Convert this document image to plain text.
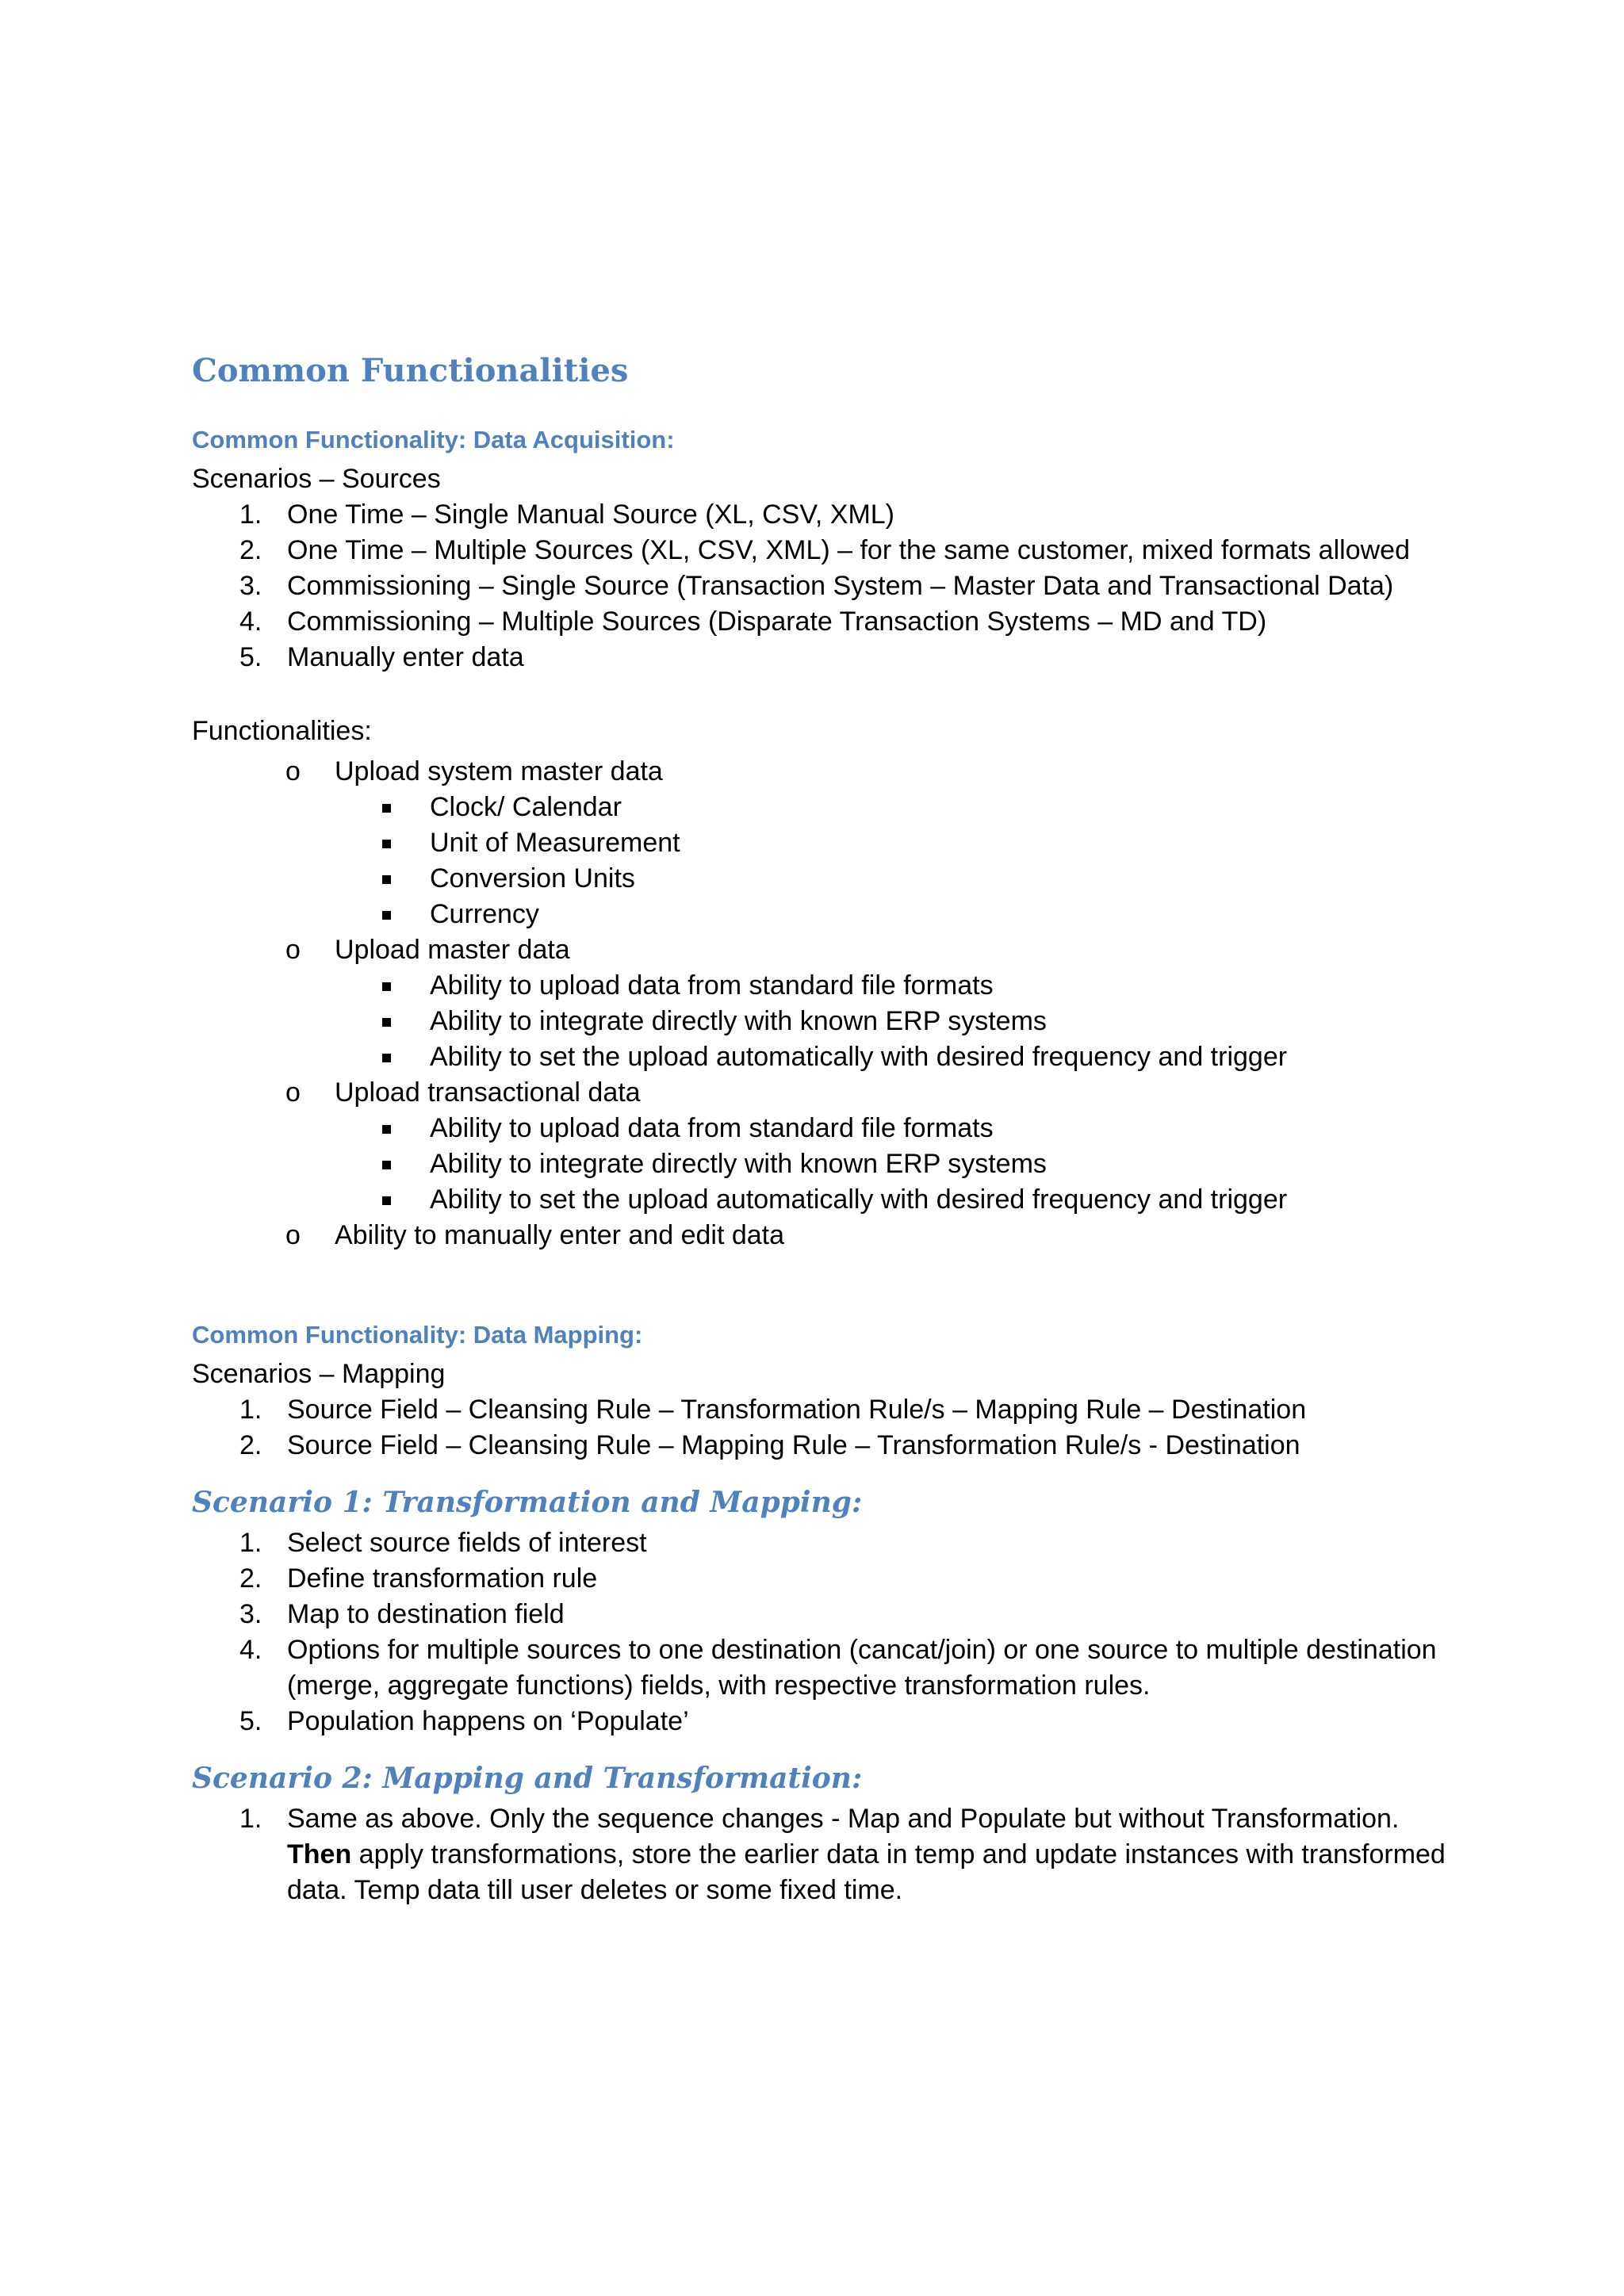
Common Functionalities
Common Functionality: Data Acquisition:

Scenarios – Sources

1. One Time – Single Manual Source (XL, CSV, XML)
2. One Time – Multiple Sources (XL, CSV, XML) – for the same customer, mixed formats allowed
3. Commissioning – Single Source (Transaction System – Master Data and Transactional Data)
4. Commissioning – Multiple Sources (Disparate Transaction Systems – MD and TD)
5. Manually enter data

Functionalities:

o Upload system master data
Clock/ Calendar
Unit of Measurement
Conversion Units
Currency
o Upload master data
Ability to upload data from standard file formats
Ability to integrate directly with known ERP systems
Ability to set the upload automatically with desired frequency and trigger
o Upload transactional data
Ability to upload data from standard file formats
Ability to integrate directly with known ERP systems
Ability to set the upload automatically with desired frequency and trigger
o Ability to manually enter and edit data
Common Functionality: Data Mapping:

Scenarios – Mapping

1. Source Field – Cleansing Rule – Transformation Rule/s – Mapping Rule – Destination
2. Source Field – Cleansing Rule – Mapping Rule – Transformation Rule/s - Destination
Scenario 1: Transformation and Mapping:
1. Select source fields of interest
2. Define transformation rule
3. Map to destination field
4. Options for multiple sources to one destination (cancat/join) or one source to multiple destination (merge, aggregate functions) fields, with respective transformation rules.
5. Population happens on ‘Populate’
Scenario 2: Mapping and Transformation:
1. Same as above. Only the sequence changes - Map and Populate but without Transformation. Then apply transformations, store the earlier data in temp and update instances with transformed data. Temp data till user deletes or some fixed time.
